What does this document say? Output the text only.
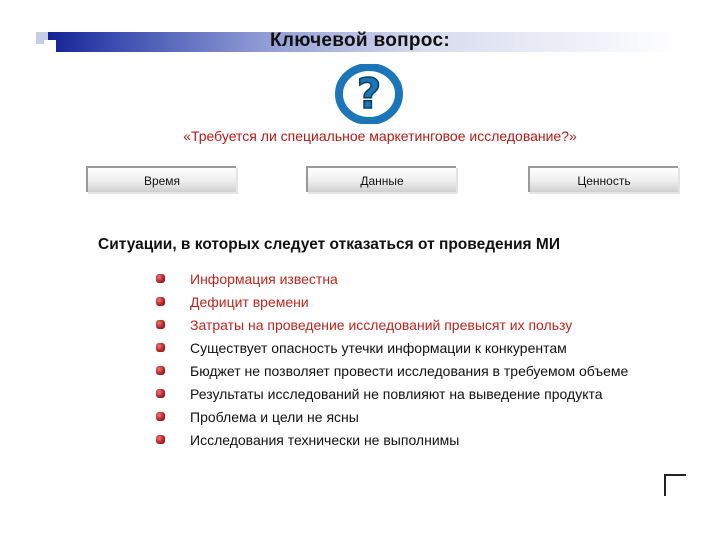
Ключевой вопрос:
?
«Требуется ли специальное маркетинговое исследование?»
Время	Данные	Ценность
Ситуации, в которых следует отказаться от проведения МИ
Информация известна
Дефицит времени
Затраты на проведение исследований превысят их пользу
Существует опасность утечки информации к конкурентам
Бюджет не позволяет провести исследования в требуемом объеме
Результаты исследований не повлияют на выведение продукта
Проблема и цели не ясны
Исследования технически не выполнимы
